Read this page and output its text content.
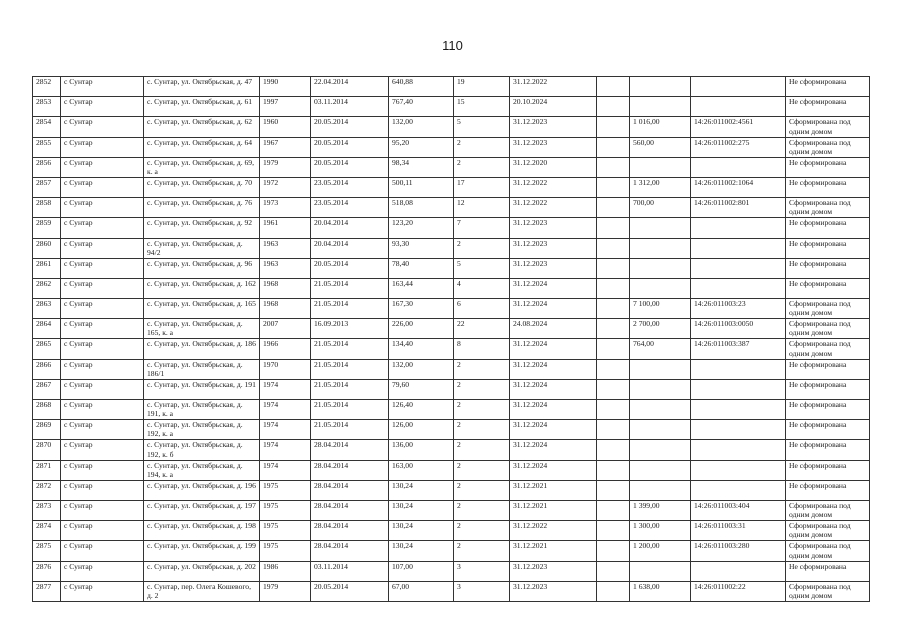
110
2852	с Сунтар	с. Сунтар, ул. Октябрьская, д. 47	1990	22.04.2014	640,88	19	31.12.2022				Не сформирована
2853	с Сунтар	с. Сунтар, ул. Октябрьская, д. 61	1997	03.11.2014	767,40	15	20.10.2024				Не сформирована
2854	с Сунтар	с. Сунтар, ул. Октябрьская, д. 62	1960	20.05.2014	132,00	5	31.12.2023		1 016,00	14:26:011002:4561	Сформирована под одним домом
2855	с Сунтар	с. Сунтар, ул. Октябрьская, д. 64	1967	20.05.2014	95,20	2	31.12.2023		560,00	14:26:011002:275	Сформирована под одним домом
2856	с Сунтар	с. Сунтар, ул. Октябрьская, д. 69, к. а	1979	20.05.2014	98,34	2	31.12.2020				Не сформирована
2857	с Сунтар	с. Сунтар, ул. Октябрьская, д. 70	1972	23.05.2014	500,11	17	31.12.2022		1 312,00	14:26:011002:1064	Не сформирована
2858	с Сунтар	с. Сунтар, ул. Октябрьская, д. 76	1973	23.05.2014	518,08	12	31.12.2022		700,00	14:26:011002:801	Сформирована под одним домом
2859	с Сунтар	с. Сунтар, ул. Октябрьская, д. 92	1961	20.04.2014	123,20	7	31.12.2023				Не сформирована
2860	с Сунтар	с. Сунтар, ул. Октябрьская, д. 94/2	1963	20.04.2014	93,30	2	31.12.2023				Не сформирована
2861	с Сунтар	с. Сунтар, ул. Октябрьская, д. 96	1963	20.05.2014	78,40	5	31.12.2023				Не сформирована
2862	с Сунтар	с. Сунтар, ул. Октябрьская, д. 162	1968	21.05.2014	163,44	4	31.12.2024				Не сформирована
2863	с Сунтар	с. Сунтар, ул. Октябрьская, д. 165	1968	21.05.2014	167,30	6	31.12.2024		7 100,00	14:26:011003:23	Сформирована под одним домом
2864	с Сунтар	с. Сунтар, ул. Октябрьская, д. 165, к. а	2007	16.09.2013	226,00	22	24.08.2024		2 700,00	14:26:011003:0050	Сформирована под одним домом
2865	с Сунтар	с. Сунтар, ул. Октябрьская, д. 186	1966	21.05.2014	134,40	8	31.12.2024		764,00	14:26:011003:387	Сформирована под одним домом
2866	с Сунтар	с. Сунтар, ул. Октябрьская, д. 186/1	1970	21.05.2014	132,00	2	31.12.2024				Не сформирована
2867	с Сунтар	с. Сунтар, ул. Октябрьская, д. 191	1974	21.05.2014	79,60	2	31.12.2024				Не сформирована
2868	с Сунтар	с. Сунтар, ул. Октябрьская, д. 191, к. а	1974	21.05.2014	126,40	2	31.12.2024				Не сформирована
2869	с Сунтар	с. Сунтар, ул. Октябрьская, д. 192, к. а	1974	21.05.2014	126,00	2	31.12.2024				Не сформирована
2870	с Сунтар	с. Сунтар, ул. Октябрьская, д. 192, к. б	1974	28.04.2014	136,00	2	31.12.2024				Не сформирована
2871	с Сунтар	с. Сунтар, ул. Октябрьская, д. 194, к. а	1974	28.04.2014	163,00	2	31.12.2024				Не сформирована
2872	с Сунтар	с. Сунтар, ул. Октябрьская, д. 196	1975	28.04.2014	130,24	2	31.12.2021				Не сформирована
2873	с Сунтар	с. Сунтар, ул. Октябрьская, д. 197	1975	28.04.2014	130,24	2	31.12.2021		1 399,00	14:26:011003:404	Сформирована под одним домом
2874	с Сунтар	с. Сунтар, ул. Октябрьская, д. 198	1975	28.04.2014	130,24	2	31.12.2022		1 300,00	14:26:011003:31	Сформирована под одним домом
2875	с Сунтар	с. Сунтар, ул. Октябрьская, д. 199	1975	28.04.2014	130,24	2	31.12.2021		1 200,00	14:26:011003:280	Сформирована под одним домом
2876	с Сунтар	с. Сунтар, ул. Октябрьская, д. 202	1986	03.11.2014	107,00	3	31.12.2023				Не сформирована
2877	с Сунтар	с. Сунтар, пер. Олега Кошевого, д. 2	1979	20.05.2014	67,00	3	31.12.2023		1 638,00	14:26:011002:22	Сформирована под одним домом
